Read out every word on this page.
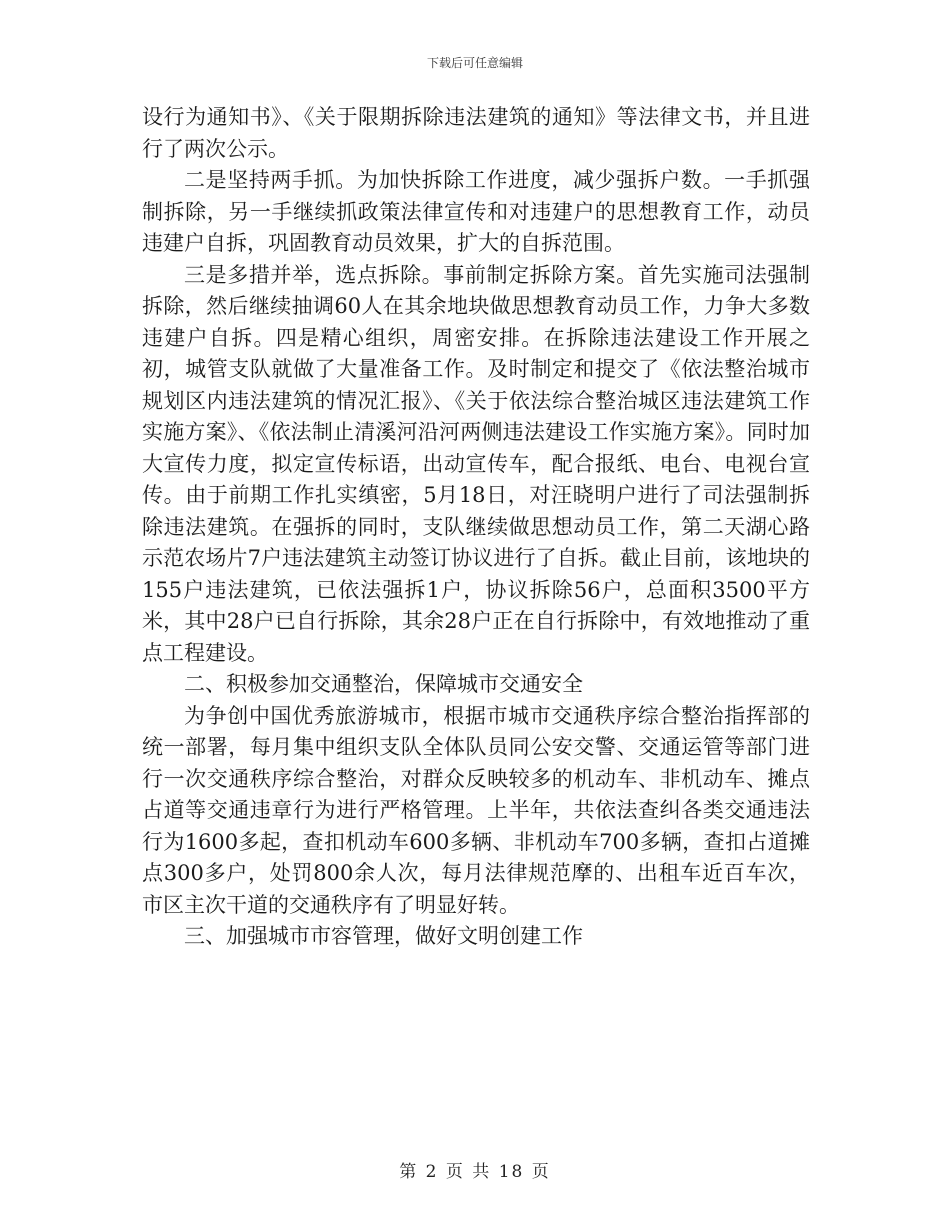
下载后可任意编辑

设行为通知书》、《关于限期拆除违法建筑的通知》等法律文书，并且进行了两次公示。

二是坚持两手抓。为加快拆除工作进度，减少强拆户数。一手抓强制拆除，另一手继续抓政策法律宣传和对违建户的思想教育工作，动员违建户自拆，巩固教育动员效果，扩大的自拆范围。

三是多措并举，选点拆除。事前制定拆除方案。首先实施司法强制拆除，然后继续抽调60人在其余地块做思想教育动员工作，力争大多数违建户自拆。四是精心组织，周密安排。在拆除违法建设工作开展之初，城管支队就做了大量准备工作。及时制定和提交了《依法整治城市规划区内违法建筑的情况汇报》、《关于依法综合整治城区违法建筑工作实施方案》、《依法制止清溪河沿河两侧违法建设工作实施方案》。同时加大宣传力度，拟定宣传标语，出动宣传车，配合报纸、电台、电视台宣传。由于前期工作扎实缜密，5月18日，对汪晓明户进行了司法强制拆除违法建筑。在强拆的同时，支队继续做思想动员工作，第二天湖心路示范农场片7户违法建筑主动签订协议进行了自拆。截止目前，该地块的155户违法建筑，已依法强拆1户，协议拆除56户，总面积3500平方米，其中28户已自行拆除，其余28户正在自行拆除中，有效地推动了重点工程建设。

二、积极参加交通整治，保障城市交通安全

为争创中国优秀旅游城市，根据市城市交通秩序综合整治指挥部的统一部署，每月集中组织支队全体队员同公安交警、交通运管等部门进行一次交通秩序综合整治，对群众反映较多的机动车、非机动车、摊点占道等交通违章行为进行严格管理。上半年，共依法查纠各类交通违法行为1600多起，查扣机动车600多辆、非机动车700多辆，查扣占道摊点300多户，处罚800余人次，每月法律规范摩的、出租车近百车次，市区主次干道的交通秩序有了明显好转。

三、加强城市市容管理，做好文明创建工作

第 2 页 共 18 页
